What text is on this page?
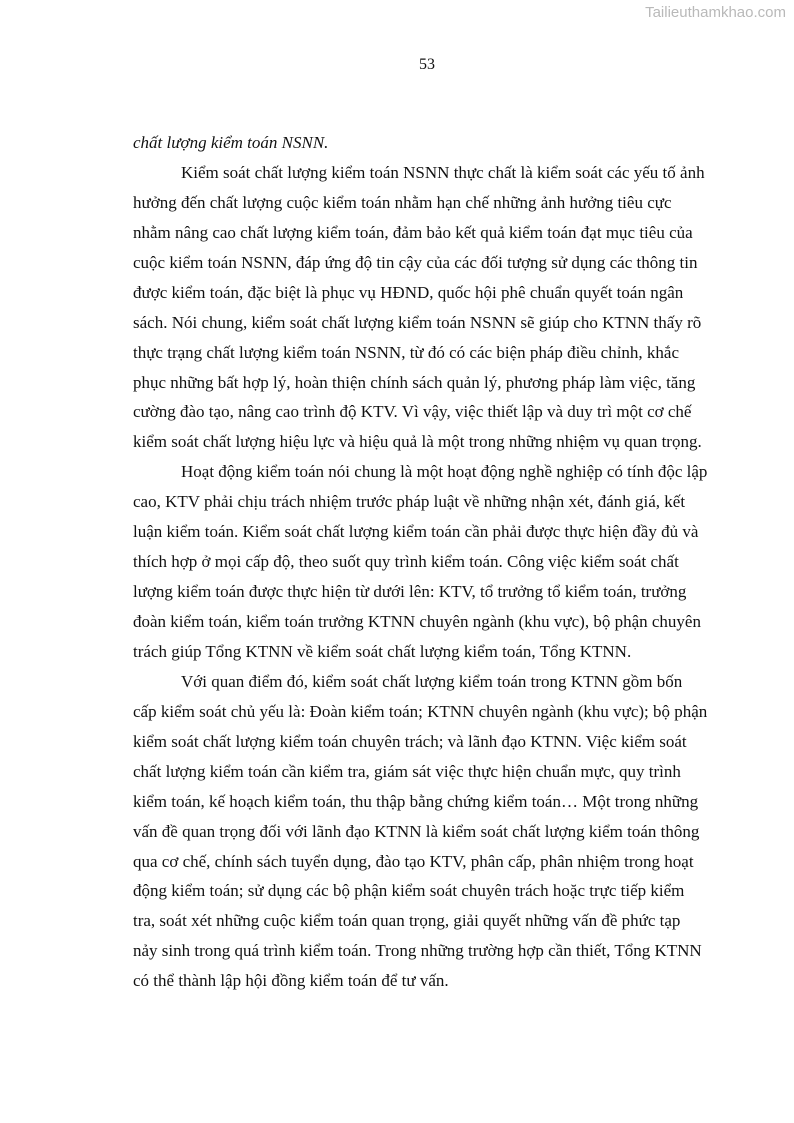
Tailieuthamkhao.com
53
chất lượng kiểm toán NSNN.
Kiểm soát chất lượng kiểm toán NSNN thực chất là kiểm soát các yếu tố ảnh
hưởng đến chất lượng cuộc kiểm toán nhằm hạn chế những ảnh hưởng tiêu cực
nhằm nâng cao chất lượng kiểm toán, đảm bảo kết quả kiểm toán đạt mục tiêu của
cuộc kiểm toán NSNN, đáp ứng độ tin cậy của các đối tượng sử dụng các thông tin
được kiểm toán, đặc biệt là phục vụ HĐND, quốc hội phê chuẩn quyết toán ngân
sách. Nói chung, kiểm soát chất lượng kiểm toán NSNN sẽ giúp cho KTNN thấy rõ
thực trạng chất lượng kiểm toán NSNN, từ đó có các biện pháp điều chỉnh, khắc
phục những bất hợp lý, hoàn thiện chính sách quản lý, phương pháp làm việc, tăng
cường đào tạo, nâng cao trình độ KTV. Vì vậy, việc thiết lập và duy trì một cơ chế
kiểm soát chất lượng hiệu lực và hiệu quả là một trong những nhiệm vụ quan trọng.
Hoạt động kiểm toán nói chung là một hoạt động nghề nghiệp có tính độc lập
cao, KTV phải chịu trách nhiệm trước pháp luật về những nhận xét, đánh giá, kết
luận kiểm toán. Kiểm soát chất lượng kiểm toán cần phải được thực hiện đầy đủ và
thích hợp ở mọi cấp độ, theo suốt quy trình kiểm toán. Công việc kiểm soát chất
lượng kiểm toán được thực hiện từ dưới lên: KTV, tổ trưởng tổ kiểm toán, trưởng
đoàn kiểm toán, kiểm toán trưởng KTNN chuyên ngành (khu vực), bộ phận chuyên
trách giúp Tổng KTNN về kiểm soát chất lượng kiểm toán, Tổng KTNN.
Với quan điểm đó, kiểm soát chất lượng kiểm toán trong KTNN gồm bốn
cấp kiểm soát chủ yếu là: Đoàn kiểm toán; KTNN chuyên ngành (khu vực); bộ phận
kiểm soát chất lượng kiểm toán chuyên trách; và lãnh đạo KTNN. Việc kiểm soát
chất lượng kiểm toán cần kiểm tra, giám sát việc thực hiện chuẩn mực, quy trình
kiểm toán, kế hoạch kiểm toán, thu thập bằng chứng kiểm toán… Một trong những
vấn đề quan trọng đối với lãnh đạo KTNN là kiểm soát chất lượng kiểm toán thông
qua cơ chế, chính sách tuyển dụng, đào tạo KTV, phân cấp, phân nhiệm trong hoạt
động kiểm toán; sử dụng các bộ phận kiểm soát chuyên trách hoặc trực tiếp kiểm
tra, soát xét những cuộc kiểm toán quan trọng, giải quyết những vấn đề phức tạp
nảy sinh trong quá trình kiểm toán. Trong những trường hợp cần thiết, Tổng KTNN
có thể thành lập hội đồng kiểm toán để tư vấn.
